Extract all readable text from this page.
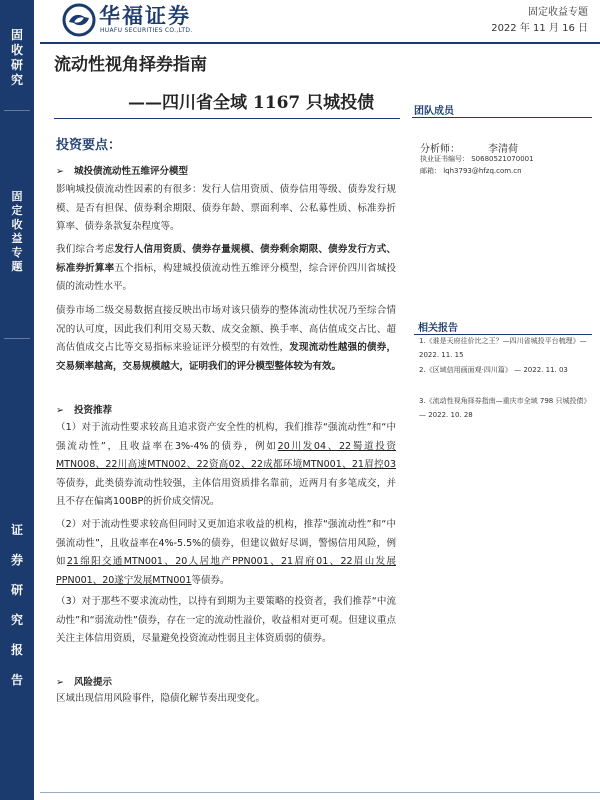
固
收
研
究
固
定
收
益
专
题
证
券
研
究
报
告
华福证券
HUAFU SECURITIES CO.,LTD.
固定收益专题
2022 年 11 月 16 日
流动性视角择券指南
——四川省全域 1167 只城投债	团队成员
分析师：	李清荷
执业证书编号： S0680521070001
邮箱： lqh3793@hfzq.com.cn
相关报告
1.《谁是天府往价比之王？—四川省城投平台梳理》— 2022. 11. 15
2.《区域信用画面观·四川篇》 — 2022. 11. 03
3.《流动性视角择券指南—重庆市全域 798 只城投债》— 2022. 10. 28
投资要点：
➢ 城投债流动性五维评分模型
影响城投债流动性因素的有很多：发行人信用资质、债券信用等级、债券发行规模、是否有担保、债券剩余期限、债券年龄、票面利率、公私募性质、标准券折算率、债券条款复杂程度等。
我们综合考虑发行人信用资质、债券存量规模、债券剩余期限、债券发行方式、标准券折算率五个指标，构建城投债流动性五维评分模型，综合评价四川省城投债的流动性水平。
债券市场二级交易数据直接反映出市场对该只债券的整体流动性状况乃至综合情况的认可度，因此我们利用交易天数、成交金额、换手率、高估值成交占比、超高估值成交占比等交易指标来验证评分模型的有效性，发现流动性越强的债券，交易频率越高，交易规模越大，证明我们的评分模型整体较为有效。
➢ 投资推荐
（1）对于流动性要求较高且追求资产安全性的机构，我们推荐“强流动性”和“中强流动性”，且收益率在3%-4%的债券，例如20川发04、22蜀道投资MTN008、22川高速MTN002、22资高02、22成都环境MTN001、21眉控03等债券，此类债券流动性较强，主体信用资质排名靠前，近两月有多笔成交，并且不存在偏离100BP的折价成交情况。
（2）对于流动性要求较高但同时又更加追求收益的机构，推荐“强流动性”和“中强流动性”，且收益率在4%-5.5%的债券，但建议做好尽调，警惕信用风险，例如21绵阳交通MTN001、20人居地产PPN001、21眉府01、22眉山发展PPN001、20遂宁发展MTN001等债券。
（3）对于那些不要求流动性，以持有到期为主要策略的投资者，我们推荐“中流动性”和“弱流动性”债券，存在一定的流动性溢价，收益相对更可观。但建议重点关注主体信用资质，尽量避免投资流动性弱且主体资质弱的债券。
➢ 风险提示
区域出现信用风险事件，隐债化解节奏出现变化。
